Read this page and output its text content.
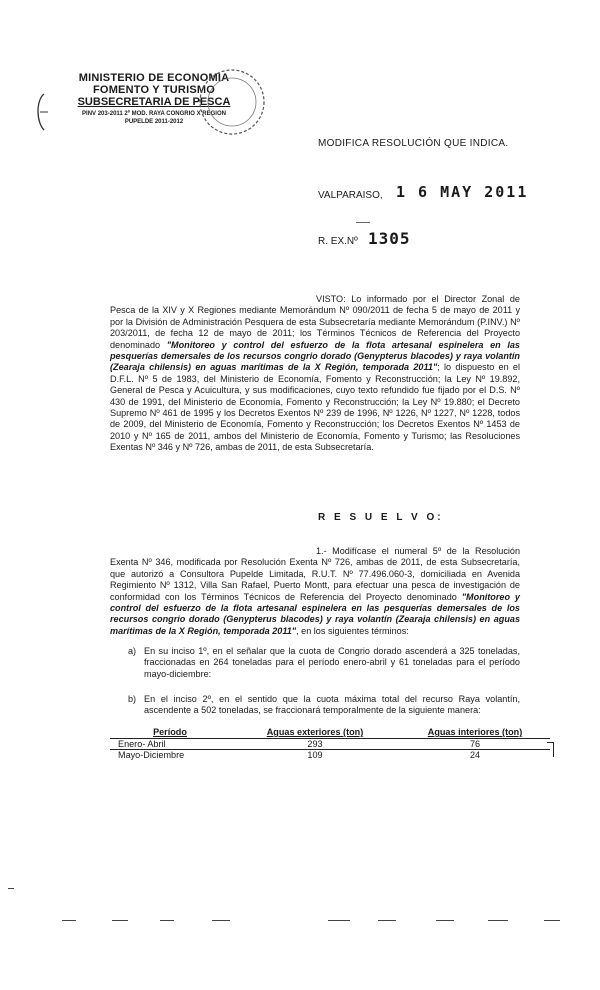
MINISTERIO DE ECONOMIA
FOMENTO Y TURISMO
SUBSECRETARIA DE PESCA
PINV 203-2011 2º MOD. RAYA CONGRIO X REGION
PUPELDE 2011-2012
MODIFICA RESOLUCIÓN QUE INDICA.
VALPARAISO, 1 6 MAY 2011
R. EX.Nº 1305
VISTO: Lo informado por el Director Zonal de Pesca de la XIV y X Regiones mediante Memorándum Nº 090/2011 de fecha 5 de mayo de 2011 y por la División de Administración Pesquera de esta Subsecretaría mediante Memorándum (P.INV.) Nº 203/2011, de fecha 12 de mayo de 2011; los Términos Técnicos de Referencia del Proyecto denominado "Monitoreo y control del esfuerzo de la flota artesanal espinelera en las pesquerías demersales de los recursos congrio dorado (Genypterus blacodes) y raya volantín (Zearaja chilensis) en aguas marítimas de la X Región, temporada 2011"; lo dispuesto en el D.F.L. Nº 5 de 1983, del Ministerio de Economía, Fomento y Reconstrucción; la Ley Nº 19.892, General de Pesca y Acuicultura, y sus modificaciones, cuyo texto refundido fue fijado por el D.S. Nº 430 de 1991, del Ministerio de Economía, Fomento y Reconstrucción; la Ley Nº 19.880; el Decreto Supremo Nº 461 de 1995 y los Decretos Exentos Nº 239 de 1996, Nº 1226, Nº 1227, Nº 1228, todos de 2009, del Ministerio de Economía, Fomento y Reconstrucción; los Decretos Exentos Nº 1453 de 2010 y Nº 165 de 2011, ambos del Ministerio de Economía, Fomento y Turismo; las Resoluciones Exentas Nº 346 y Nº 726, ambas de 2011, de esta Subsecretaría.
R E S U E L V O:
1.- Modifícase el numeral 5º de la Resolución Exenta Nº 346, modificada por Resolución Exenta Nº 726, ambas de 2011, de esta Subsecretaría, que autorizó a Consultora Pupelde Limitada, R.U.T. Nº 77.496.060-3, domiciliada en Avenida Regimiento Nº 1312, Villa San Rafael, Puerto Montt, para efectuar una pesca de investigación de conformidad con los Términos Técnicos de Referencia del Proyecto denominado "Monitoreo y control del esfuerzo de la flota artesanal espinelera en las pesquerías demersales de los recursos congrio dorado (Genypterus blacodes) y raya volantín (Zearaja chilensis) en aguas marítimas de la X Región, temporada 2011", en los siguientes términos:
a) En su inciso 1º, en el señalar que la cuota de Congrio dorado ascenderá a 325 toneladas, fraccionadas en 264 toneladas para el período enero-abril y 61 toneladas para el período mayo-diciembre:
b) En el inciso 2º, en el sentido que la cuota máxima total del recurso Raya volantín, ascendente a 502 toneladas, se fraccionará temporalmente de la siguiente manera:
Período	Aguas exteriores (ton)	Aguas interiores (ton)
Enero- Abril	293	76
Mayo-Diciembre	109	24
